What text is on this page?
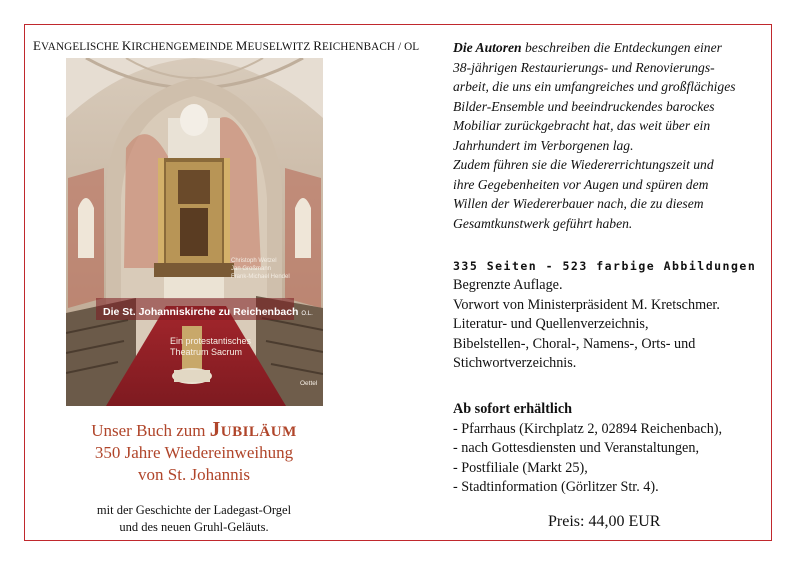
EVANGELISCHE KIRCHENGEMEINDE MEUSELWITZ REICHENBACH / OL
Christoph Wetzel
Jan Großmann
Frank-Michael Hendel
Die St. Johanniskirche zu Reichenbach O.L.
Ein protestantisches
Theatrum Sacrum
Oettel
Unser Buch zum Jubiläum
350 Jahre Wiedereinweihung
von St. Johannis
mit der Geschichte der Ladegast-Orgel
und des neuen Gruhl-Geläuts.
Die Autoren beschreiben die Entdeckungen einer
38-jährigen Restaurierungs- und Renovierungs-
arbeit, die uns ein umfangreiches und großflächiges
Bilder-Ensemble und beeindruckendes barockes
Mobiliar zurückgebracht hat, das weit über ein
Jahrhundert im Verborgenen lag.
Zudem führen sie die Wiedererrichtungszeit und
ihre Gegebenheiten vor Augen und spüren dem
Willen der Wiedererbauer nach, die zu diesem
Gesamtkunstwerk geführt haben.
335 Seiten - 523 farbige Abbildungen
Begrenzte Auflage.
Vorwort von Ministerpräsident M. Kretschmer.
Literatur- und Quellenverzeichnis,
Bibelstellen-, Choral-, Namens-, Orts- und
Stichwortverzeichnis.
Ab sofort erhältlich
- Pfarrhaus (Kirchplatz 2, 02894 Reichenbach),
- nach Gottesdiensten und Veranstaltungen,
- Postfiliale (Markt 25),
- Stadtinformation (Görlitzer Str. 4).
Preis: 44,00 EUR
